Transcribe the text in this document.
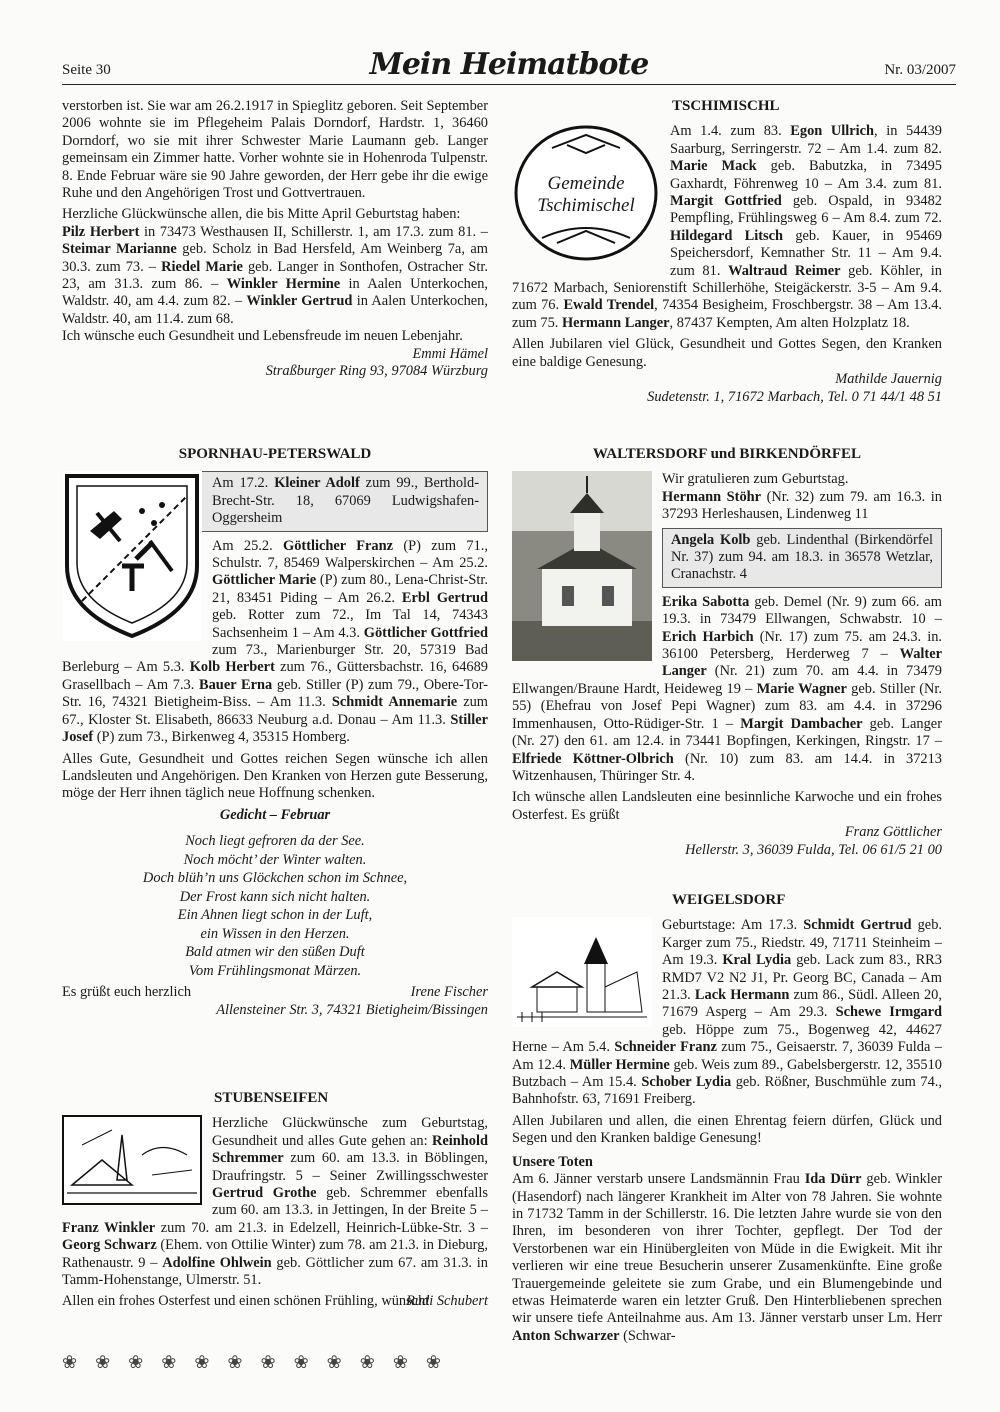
Seite 30	Mein Heimatbote	Nr. 03/2007

verstorben ist. Sie war am 26.2.1917 in Spieglitz geboren. Seit September 2006 wohnte sie im Pflegeheim Palais Dorndorf, Hardstr. 1, 36460 Dorndorf, wo sie mit ihrer Schwester Marie Laumann geb. Langer gemeinsam ein Zimmer hatte. Vorher wohnte sie in Hohenroda Tulpenstr. 8. Ende Februar wäre sie 90 Jahre geworden, der Herr gebe ihr die ewige Ruhe und den Angehörigen Trost und Gottvertrauen.

Herzliche Glückwünsche allen, die bis Mitte April Geburtstag haben:
Pilz Herbert in 73473 Westhausen II, Schillerstr. 1, am 17.3. zum 81. – Steimar Marianne geb. Scholz in Bad Hersfeld, Am Weinberg 7a, am 30.3. zum 73. – Riedel Marie geb. Langer in Sonthofen, Ostracher Str. 23, am 31.3. zum 86. – Winkler Hermine in Aalen Unterkochen, Waldstr. 40, am 4.4. zum 82. – Winkler Gertrud in Aalen Unterkochen, Waldstr. 40, am 11.4. zum 68.
Ich wünsche euch Gesundheit und Lebensfreude im neuen Lebenjahr.
Emmi Hämel
Straßburger Ring 93, 97084 Würzburg

SPORNHAU-PETERSWALD
Am 17.2. Kleiner Adolf zum 99., Berthold-Brecht-Str. 18, 67069 Ludwigshafen-Oggersheim

Am 25.2. Göttlicher Franz (P) zum 71., Schulstr. 7, 85469 Walperskirchen – Am 25.2. Göttlicher Marie (P) zum 80., Lena-Christ-Str. 21, 83451 Piding – Am 26.2. Erbl Gertrud geb. Rotter zum 72., Im Tal 14, 74343 Sachsenheim 1 – Am 4.3. Göttlicher Gottfried zum 73., Marienburger Str. 20, 57319 Bad Berleburg – Am 5.3. Kolb Herbert zum 76., Güttersbachstr. 16, 64689 Grasellbach – Am 7.3. Bauer Erna geb. Stiller (P) zum 79., Obere-Tor-Str. 16, 74321 Bietigheim-Biss. – Am 11.3. Schmidt Annemarie zum 67., Kloster St. Elisabeth, 86633 Neuburg a.d. Donau – Am 11.3. Stiller Josef (P) zum 73., Birkenweg 4, 35315 Homberg.

Alles Gute, Gesundheit und Gottes reichen Segen wünsche ich allen Landsleuten und Angehörigen. Den Kranken von Herzen gute Besserung, möge der Herr ihnen täglich neue Hoffnung schenken.

Gedicht – Februar
Noch liegt gefroren da der See.
Noch möcht’ der Winter walten.
Doch blüh’n uns Glöckchen schon im Schnee,
Der Frost kann sich nicht halten.
Ein Ahnen liegt schon in der Luft,
ein Wissen in den Herzen.
Bald atmen wir den süßen Duft
Vom Frühlingsmonat Märzen.
Es grüßt euch herzlich	Irene Fischer
Allensteiner Str. 3, 74321 Bietigheim/Bissingen
STUBENSEIFEN

Herzliche Glückwünsche zum Geburtstag, Gesundheit und alles Gute gehen an: Reinhold Schremmer zum 60. am 13.3. in Böblingen, Draufringstr. 5 – Seiner Zwillingsschwester Gertrud Grothe geb. Schremmer ebenfalls zum 60. am 13.3. in Jettingen, In der Breite 5 – Franz Winkler zum 70. am 21.3. in Edelzell, Heinrich-Lübke-Str. 3 – Georg Schwarz (Ehem. von Ottilie Winter) zum 78. am 21.3. in Dieburg, Rathenaustr. 9 – Adolfine Ohlwein geb. Göttlicher zum 67. am 31.3. in Tamm-Hohenstange, Ulmerstr. 51.

Allen ein frohes Osterfest und einen schönen Frühling, wünscht
Rudi Schubert

❀❀❀❀❀❀❀❀❀❀❀❀
TSCHIMISCHL
Gemeinde Tschimischel

Am 1.4. zum 83. Egon Ullrich, in 54439 Saarburg, Serringerstr. 72 – Am 1.4. zum 82. Marie Mack geb. Babutzka, in 73495 Gaxhardt, Föhrenweg 10 – Am 3.4. zum 81. Margit Gottfried geb. Ospald, in 93482 Pempfling, Frühlingsweg 6 – Am 8.4. zum 72. Hildegard Litsch geb. Kauer, in 95469 Speichersdorf, Kemnather Str. 11 – Am 9.4. zum 81. Waltraud Reimer geb. Köhler, in 71672 Marbach, Seniorenstift Schillerhöhe, Steigäckerstr. 3-5 – Am 9.4. zum 76. Ewald Trendel, 74354 Besigheim, Froschbergstr. 38 – Am 13.4. zum 75. Hermann Langer, 87437 Kempten, Am alten Holzplatz 18.

Allen Jubilaren viel Glück, Gesundheit und Gottes Segen, den Kranken eine baldige Genesung.
Mathilde Jauernig
Sudetenstr. 1, 71672 Marbach, Tel. 0 71 44/1 48 51

WALTERSDORF und BIRKENDÖRFEL

Wir gratulieren zum Geburtstag.
Hermann Stöhr (Nr. 32) zum 79. am 16.3. in 37293 Herleshausen, Lindenweg 11

Angela Kolb geb. Lindenthal (Birkendörfel Nr. 37) zum 94. am 18.3. in 36578 Wetzlar, Cranachstr. 4

Erika Sabotta geb. Demel (Nr. 9) zum 66. am 19.3. in 73479 Ellwangen, Schwabstr. 10 – Erich Harbich (Nr. 17) zum 75. am 24.3. in. 36100 Petersberg, Herderweg 7 – Walter Langer (Nr. 21) zum 70. am 4.4. in 73479 Ellwangen/Braune Hardt, Heideweg 19 – Marie Wagner geb. Stiller (Nr. 55) (Ehefrau von Josef Pepi Wagner) zum 83. am 4.4. in 37296 Immenhausen, Otto-Rüdiger-Str. 1 – Margit Dambacher geb. Langer (Nr. 27) den 61. am 12.4. in 73441 Bopfingen, Kerkingen, Ringstr. 17 – Elfriede Köttner-Olbrich (Nr. 10) zum 83. am 14.4. in 37213 Witzenhausen, Thüringer Str. 4.

Ich wünsche allen Landsleuten eine besinnliche Karwoche und ein frohes Osterfest. Es grüßt
Franz Göttlicher
Hellerstr. 3, 36039 Fulda, Tel. 06 61/5 21 00

WEIGELSDORF

Geburtstage: Am 17.3. Schmidt Gertrud geb. Karger zum 75., Riedstr. 49, 71711 Steinheim – Am 19.3. Kral Lydia geb. Lack zum 83., RR3 RMD7 V2 N2 J1, Pr. Georg BC, Canada – Am 21.3. Lack Hermann zum 86., Südl. Alleen 20, 71679 Asperg – Am 29.3. Schewe Irmgard geb. Höppe zum 75., Bogenweg 42, 44627 Herne – Am 5.4. Schneider Franz zum 75., Geisaerstr. 7, 36039 Fulda – Am 12.4. Müller Hermine geb. Weis zum 89., Gabelsbergerstr. 12, 35510 Butzbach – Am 15.4. Schober Lydia geb. Rößner, Buschmühle zum 74., Bahnhofstr. 63, 71691 Freiberg.

Allen Jubilaren und allen, die einen Ehrentag feiern dürfen, Glück und Segen und den Kranken baldige Genesung!

Unsere Toten

Am 6. Jänner verstarb unsere Landsmännin Frau Ida Dürr geb. Winkler (Hasendorf) nach längerer Krankheit im Alter von 78 Jahren. Sie wohnte in 71732 Tamm in der Schillerstr. 16. Die letzten Jahre wurde sie von den Ihren, im besonderen von ihrer Tochter, gepflegt. Der Tod der Verstorbenen war ein Hinübergleiten von Müde in die Ewigkeit. Mit ihr verlieren wir eine treue Besucherin unserer Zusamenkünfte. Eine große Trauergemeinde geleitete sie zum Grabe, und ein Blumengebinde und etwas Heimaterde waren ein letzter Gruß. Den Hinterbliebenen sprechen wir unsere tiefe Anteilnahme aus. Am 13. Jänner verstarb unser Lm. Herr Anton Schwarzer (Schwar-
